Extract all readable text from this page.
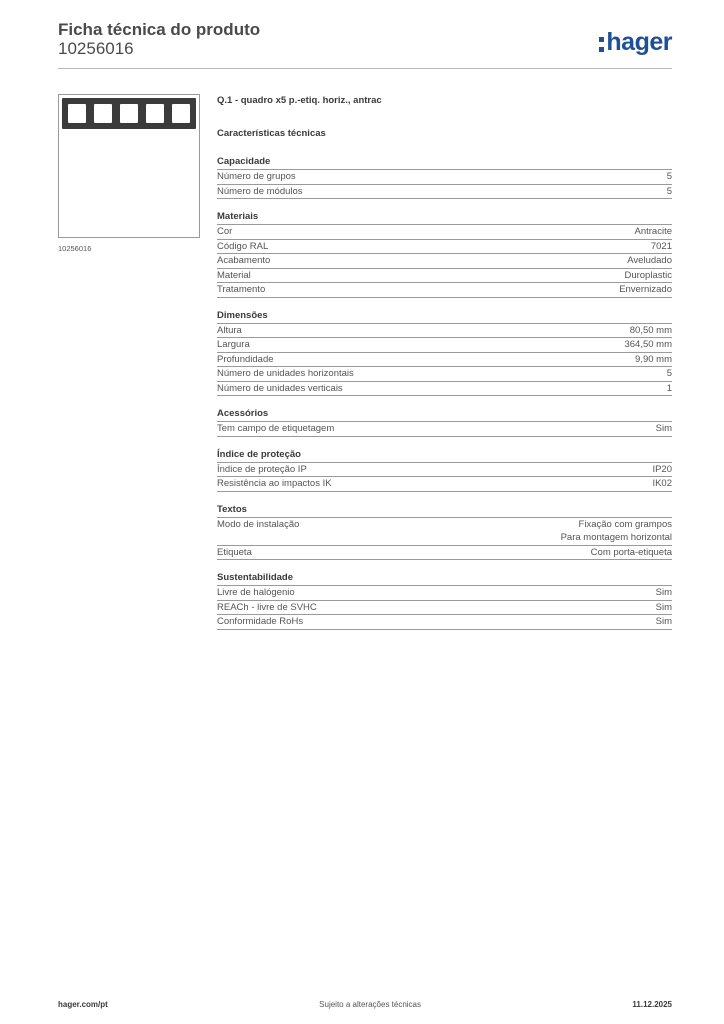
Ficha técnica do produto
10256016	hager
10256016
Q.1 - quadro x5 p.-etiq. horiz., antrac
Características técnicas
Capacidade
Número de grupos	5
Número de módulos	5
Materiais
Cor	Antracite
Código RAL	7021
Acabamento	Aveludado
Material	Duroplastic
Tratamento	Envernizado
Dimensões
Altura	80,50 mm
Largura	364,50 mm
Profundidade	9,90 mm
Número de unidades horizontais	5
Número de unidades verticais	1
Acessórios
Tem campo de etiquetagem	Sim
Índice de proteção
Índice de proteção IP	IP20
Resistência ao impactos IK	IK02
Textos
Modo de instalação	Fixação com grampos
Para montagem horizontal
Etiqueta	Com porta-etiqueta
Sustentabilidade
Livre de halógenio	Sim
REACh - livre de SVHC	Sim
Conformidade RoHs	Sim
hager.com/pt	Sujeito a alterações técnicas	11.12.2025
